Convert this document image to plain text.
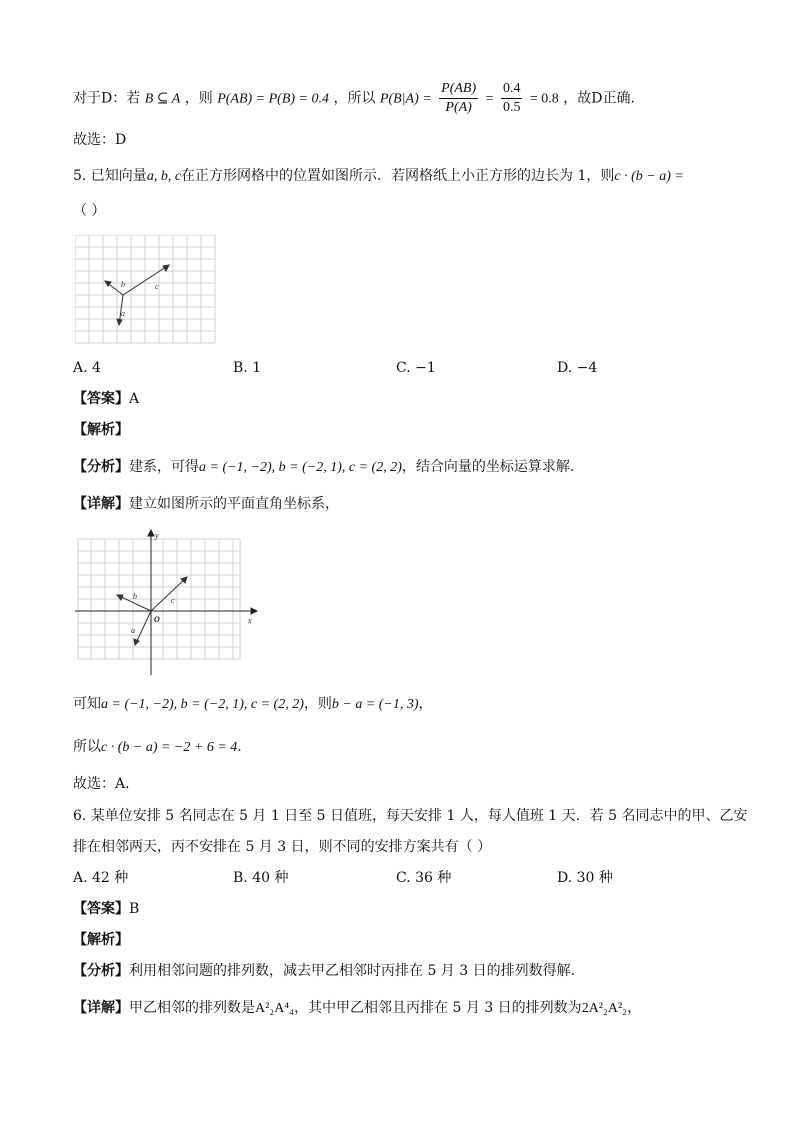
对于D：若 B ⊆ A ，则 P(AB) = P(B) = 0.4 ，所以 $P(B|A) = \frac{P(AB)}{P(A)} = \frac{0.4}{0.5} = 0.8$ ，故D正确.
故选：D
5. 已知向量a, b, c在正方形网格中的位置如图所示．若网格纸上小正方形的边长为 1，则c · (b − a) =
（ ）
b	c
a
A. 4	B. 1	C. −1	D. −4
【答案】A
【解析】
【分析】建系，可得a = (−1, −2), b = (−2, 1), c = (2, 2)，结合向量的坐标运算求解.
【详解】建立如图所示的平面直角坐标系，
b	c
a
O	x
y
可知a = (−1, −2), b = (−2, 1), c = (2, 2)，则b − a = (−1, 3)，
所以c · (b − a) = −2 + 6 = 4.
故选：A.
6. 某单位安排 5 名同志在 5 月 1 日至 5 日值班，每天安排 1 人，每人值班 1 天．若 5 名同志中的甲、乙安
排在相邻两天，丙不安排在 5 月 3 日，则不同的安排方案共有（ ）
A. 42 种	B. 40 种	C. 36 种	D. 30 种
【答案】B
【解析】
【分析】利用相邻问题的排列数，减去甲乙相邻时丙排在 5 月 3 日的排列数得解.
【详解】甲乙相邻的排列数是A²₂A⁴₄，其中甲乙相邻且丙排在 5 月 3 日的排列数为2A²₂A²₂，
